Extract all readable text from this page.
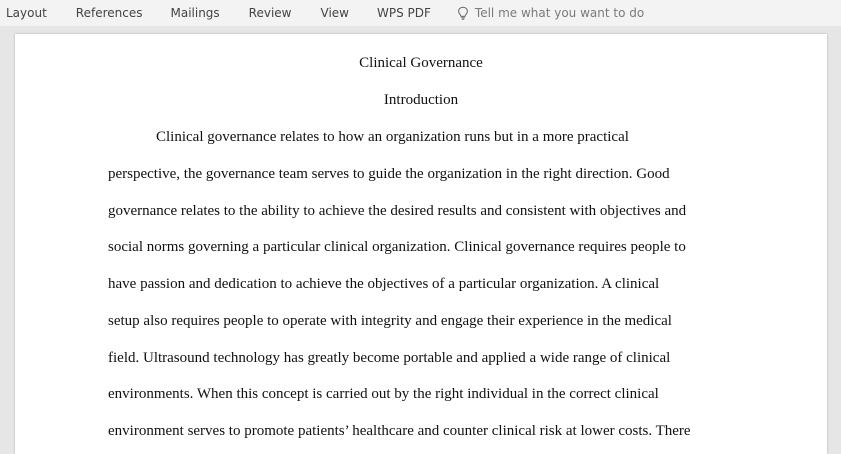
Layout References Mailings Review View WPS PDF	Tell me what you want to do
Clinical Governance
Introduction
Clinical governance relates to how an organization runs but in a more practical
perspective, the governance team serves to guide the organization in the right direction. Good
governance relates to the ability to achieve the desired results and consistent with objectives and
social norms governing a particular clinical organization. Clinical governance requires people to
have passion and dedication to achieve the objectives of a particular organization. A clinical
setup also requires people to operate with integrity and engage their experience in the medical
field. Ultrasound technology has greatly become portable and applied a wide range of clinical
environments. When this concept is carried out by the right individual in the correct clinical
environment serves to promote patients’ healthcare and counter clinical risk at lower costs. There
